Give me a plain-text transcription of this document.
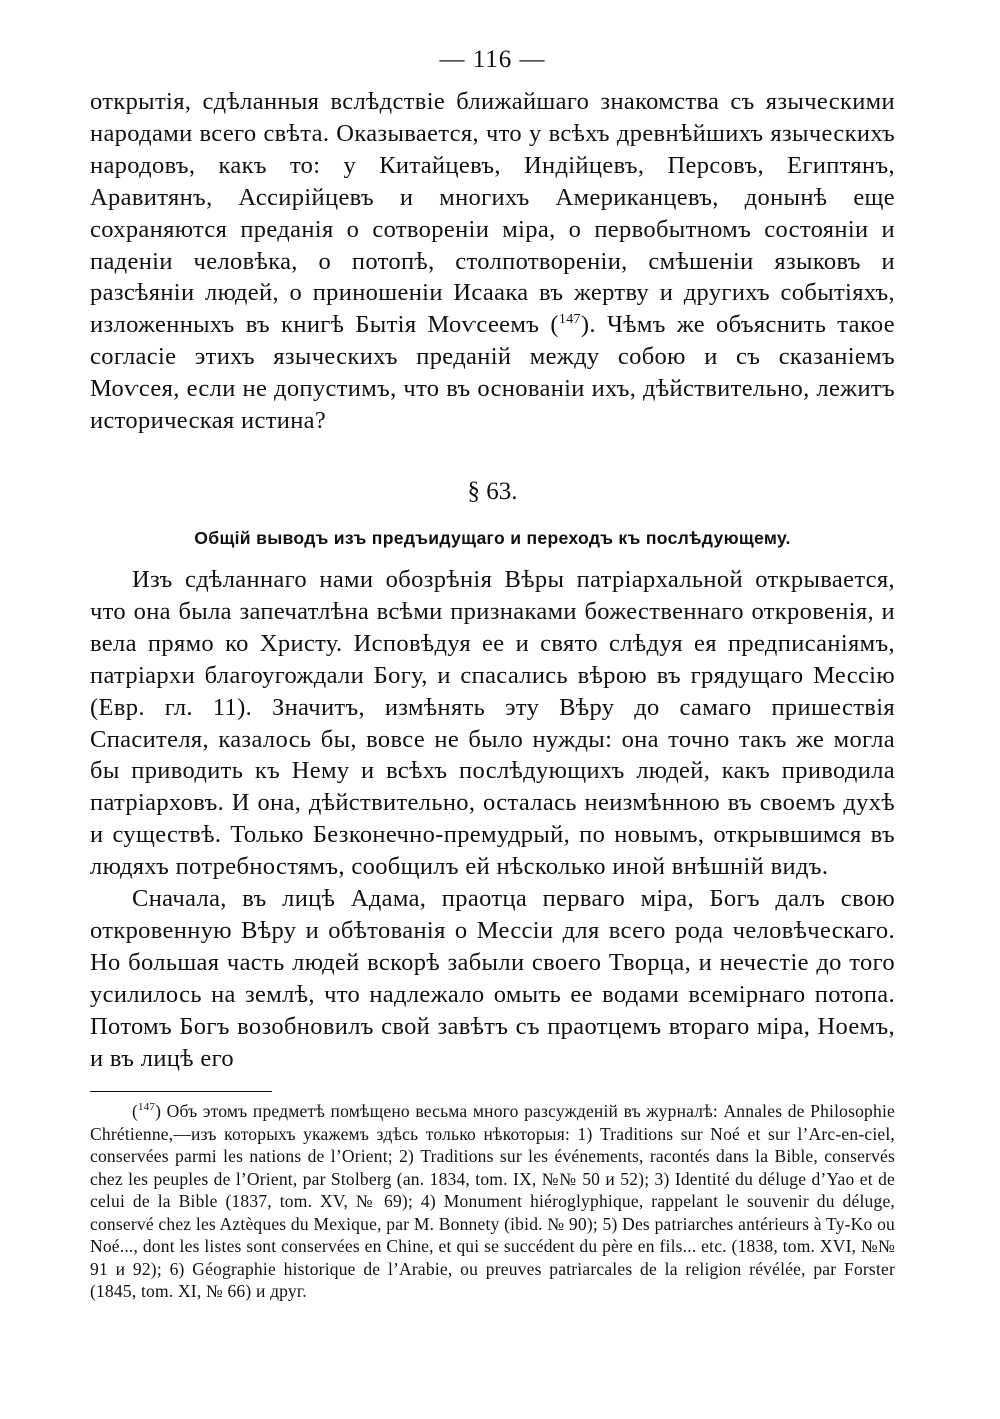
— 116 —

открытія, сдѣланныя вслѣдствіе ближайшаго знакомства съ языческими народами всего свѣта. Оказывается, что у всѣхъ древнѣйшихъ языческихъ народовъ, какъ то: у Китайцевъ, Индійцевъ, Персовъ, Египтянъ, Аравитянъ, Ассирійцевъ и многихъ Американцевъ, донынѣ еще сохраняются преданія о сотвореніи міра, о первобытномъ состояніи и паденіи человѣка, о потопѣ, столпотвореніи, смѣшеніи языковъ и разсѣяніи людей, о приношеніи Исаака въ жертву и другихъ событіяхъ, изложенныхъ въ книгѣ Бытія Моѵсеемъ ($^{147}$). Чѣмъ же объяснить такое согласіе этихъ языческихъ преданій между собою и съ сказаніемъ Моѵсея, если не допустимъ, что въ основаніи ихъ, дѣйствительно, лежитъ историческая истина?

§ 63.
Общій выводъ изъ предъидущаго и переходъ къ послѣдующему.

Изъ сдѣланнаго нами обозрѣнія Вѣры патріархальной открывается, что она была запечатлѣна всѣми признаками божественнаго откровенія, и вела прямо ко Христу. Исповѣдуя ее и свято слѣдуя ея предписаніямъ, патріархи благоугождали Богу, и спасались вѣрою въ грядущаго Мессію (Евр. гл. 11). Значитъ, измѣнять эту Вѣру до самаго пришествія Спасителя, казалось бы, вовсе не было нужды: она точно такъ же могла бы приводить къ Нему и всѣхъ послѣдующихъ людей, какъ приводила патріарховъ. И она, дѣйствительно, осталась неизмѣнною въ своемъ духѣ и существѣ. Только Безконечно-премудрый, по новымъ, открывшимся въ людяхъ потребностямъ, сообщилъ ей нѣсколько иной внѣшній видъ.

Сначала, въ лицѣ Адама, праотца перваго міра, Богъ далъ свою откровенную Вѣру и обѣтованія о Мессіи для всего рода человѣческаго. Но большая часть людей вскорѣ забыли своего Творца, и нечестіе до того усилилось на землѣ, что надлежало омыть ее водами всемірнаго потопа. Потомъ Богъ возобновилъ свой завѣтъ съ праотцемъ втораго міра, Ноемъ, и въ лицѣ его

($^{147}$) Объ этомъ предметѣ помѣщено весьма много разсужденій въ журналѣ: Annales de Philosophie Chrétienne,—изъ которыхъ укажемъ здѣсь только нѣкоторыя: 1) Traditions sur Noé et sur l’Arc-en-ciel, conservées parmi les nations de l’Orient; 2) Traditions sur les événements, racontés dans la Bible, conservés chez les peuples de l’Orient, par Stolberg (an. 1834, tom. IX, №№ 50 и 52); 3) Identité du déluge d’Yao et de celui de la Bible (1837, tom. XV, № 69); 4) Monument hiéroglyphique, rappelant le souvenir du déluge, conservé chez les Aztèques du Mexique, par M. Bonnety (ibid. № 90); 5) Des patriarches antérieurs à Ty-Ko ou Noé..., dont les listes sont conservées en Chine, et qui se succédent du père en fils... etc. (1838, tom. XVI, №№ 91 и 92); 6) Géographie historique de l’Arabie, ou preuves patriarcales de la religion révélée, par Forster (1845, tom. XI, № 66) и друг.
